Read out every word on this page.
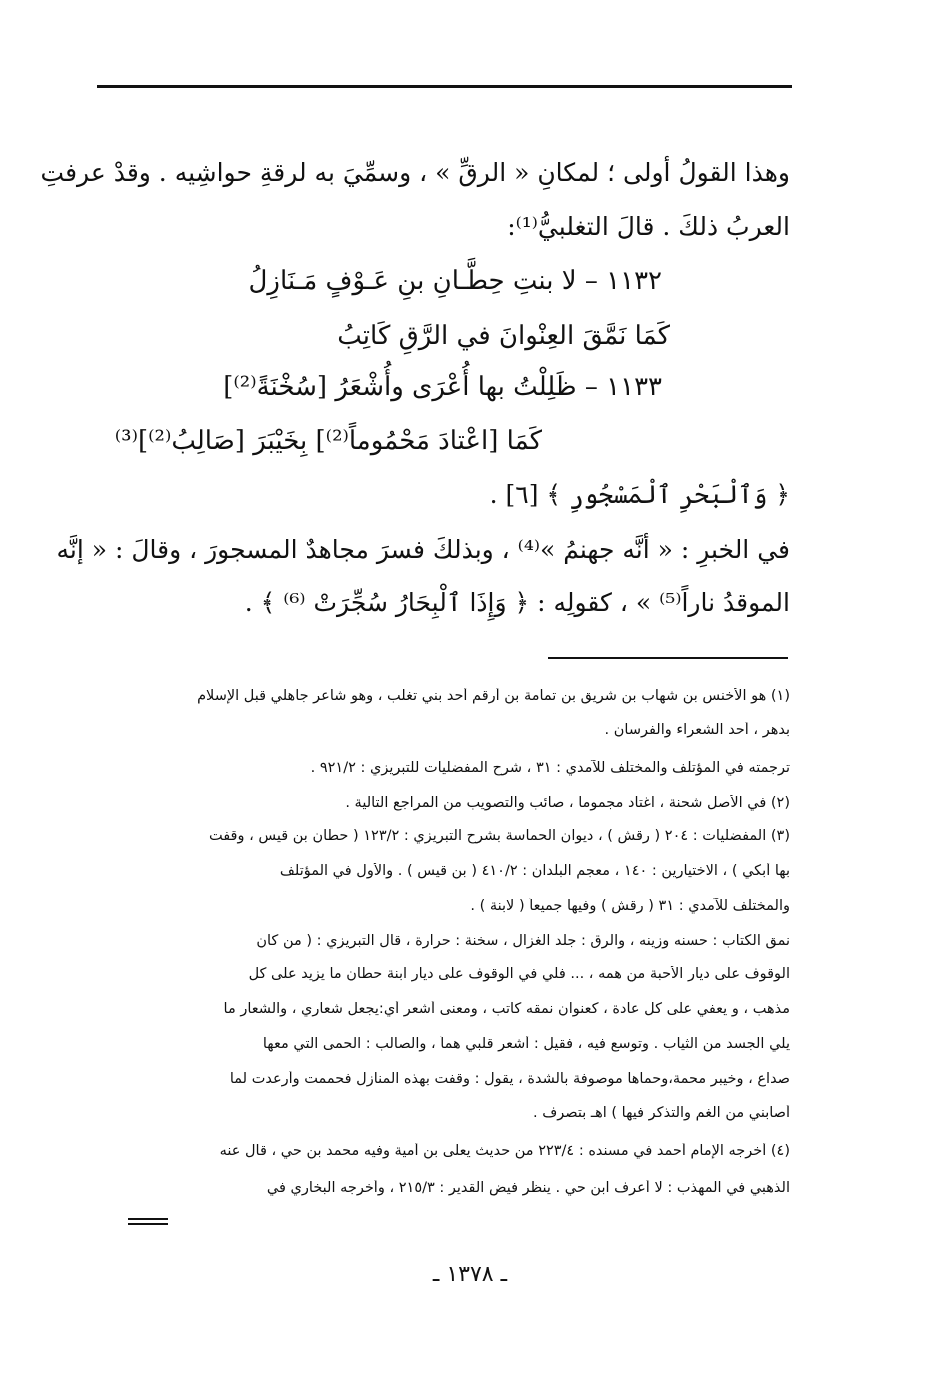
وهذا القولُ أولى ؛ لمكانِ « الرقِّ » ، وسمِّيَ به لرقةِ حواشِيه . وقدْ عرفتِ
العربُ ذلكَ . قالَ التغلبيُّ⁽¹⁾:
١١٣٢ – لا بنتِ حِطَّـانِ بنِ عَـوْفٍ مَـنَازِلُ
كَمَا نَمَّقَ العِنْوانَ في الرَّقِ كَاتِبُ
١١٣٣ – ظَلِلْتُ بها أُعْرَى وأُشْعَرُ [سُخْنَةً⁽²⁾]
كَمَا [اعْتادَ مَحْمُوماً⁽²⁾] بِخَيْبَرَ [صَالِبُ⁽²⁾]⁽³⁾
﴿ وَٱلْبَحْرِ ٱلْمَسْجُورِ ﴾ [٦] .
في الخبرِ : « أنَّه جهنمُ »⁽⁴⁾ ، وبذلكَ فسرَ مجاهدٌ المسجورَ ، وقالَ : « إنَّه
الموقدُ ناراً⁽⁵⁾ » ، كقولِه : ﴿ وَإِذَا ٱلْبِحَارُ سُجِّرَتْ ⁽⁶⁾ ﴾ .
(١) هو الأخنس بن شهاب بن شريق بن تمامة بن أرقم أحد بني تغلب ، وهو شاعر جاهلي قبل الإسلام
بدهر ، أحد الشعراء والفرسان .
ترجمته في المؤتلف والمختلف للآمدي : ٣١ ، شرح المفضليات للتبريزي : ٩٢١/٢ .
(٢) في الأصل شحنة ، اغتاد مجموما ، صائب والتصويب من المراجع التالية .
(٣) المفضليات : ٢٠٤ ( رقش ) ، ديوان الحماسة بشرح التبريزي : ١٢٣/٢ ( حطان بن قيس ، وقفت
بها أبكي ) ، الاختيارين : ١٤٠ ، معجم البلدان : ٤١٠/٢ ( بن قيس ) . والأول في المؤتلف
والمختلف للآمدي : ٣١ ( رقش ) وفيها جميعاً ( لابنة ) .
نمق الكتاب : حسنه وزينه ، والرق : جلد الغزال ، سخنة : حرارة ، قال التبريزي : ( من كان
الوقوف على ديار الأحبة من همه ، ... فلي في الوقوف على ديار ابنة حطان ما يزيد على كل
مذهب ، و يعفي على كل عادة ، كعنوان نمقه كاتب ، ومعنى أشعر أي:يجعل شعاري ، والشعار ما
يلي الجسد من الثياب . وتوسع فيه ، فقيل : أشعر قلبي هماً ، والصالب : الحمى التي معها
صداع ، وخيبر محمة،وحماها موصوفة بالشدة ، يقول : وقفت بهذه المنازل فحممت وأرعدت لما
أصابني من الغم والتذكر فيها ) اهـ بتصرف .
(٤) أخرجه الإمام أحمد في مسنده : ٢٢٣/٤ من حديث يعلى بن أمية وفيه محمد بن حي ، قال عنه
الذهبي في المهذب : لا أعرف ابن حي . ينظر فيض القدير : ٢١٥/٣ ، وأخرجه البخاري في
ـ ١٣٧٨ ـ
